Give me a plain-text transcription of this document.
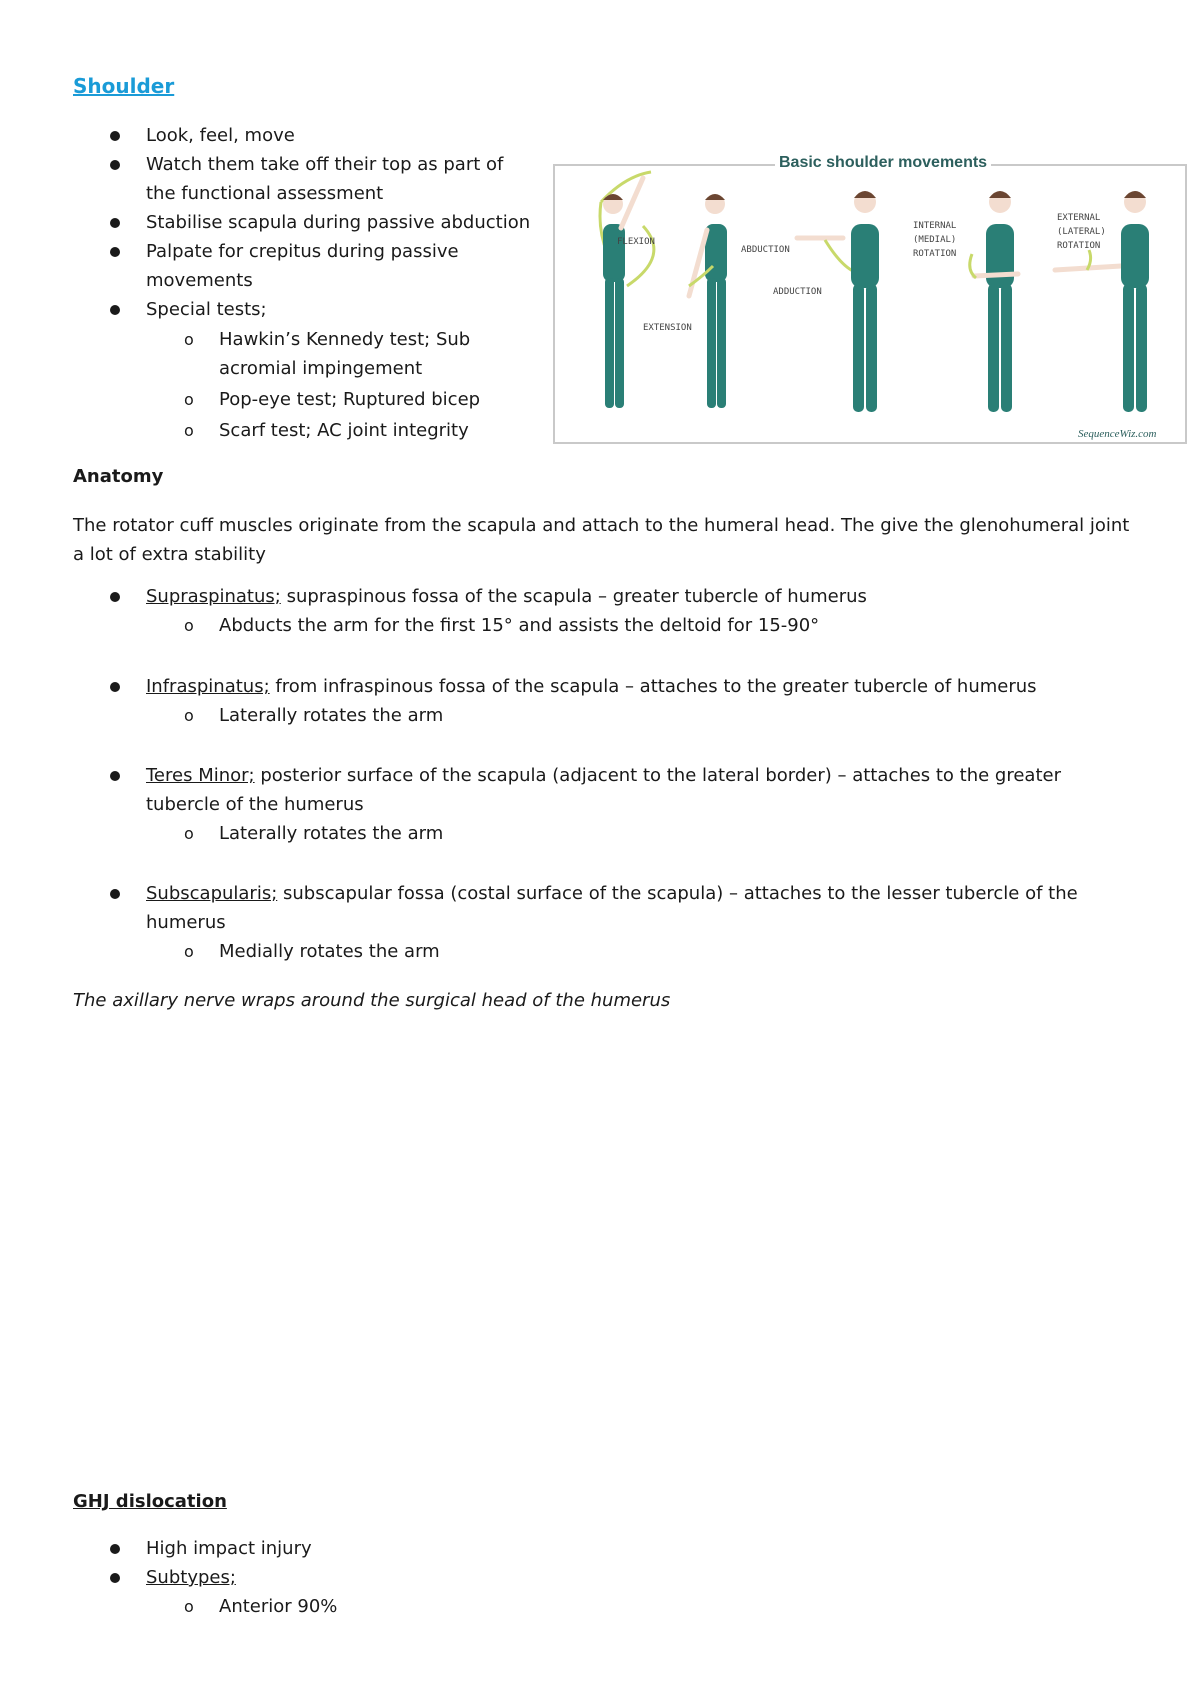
Shoulder
Look, feel, move
Watch them take off their top as part of
the functional assessment
Stabilise scapula during passive abduction
Palpate for crepitus during passive
movements
Special tests;
o Hawkin’s Kennedy test; Sub
acromial impingement
o Pop-eye test; Ruptured bicep
o Scarf test; AC joint integrity
Basic shoulder movements
FLEXION
EXTENSION
ABDUCTION
ADDUCTION
INTERNAL
(MEDIAL)
ROTATION
EXTERNAL
(LATERAL)
ROTATION
SequenceWiz.com
Anatomy
The rotator cuff muscles originate from the scapula and attach to the humeral head. The give the glenohumeral joint
a lot of extra stability
Supraspinatus; supraspinous fossa of the scapula – greater tubercle of humerus
o Abducts the arm for the first 15° and assists the deltoid for 15-90°
Infraspinatus; from infraspinous fossa of the scapula – attaches to the greater tubercle of humerus
o Laterally rotates the arm
Teres Minor; posterior surface of the scapula (adjacent to the lateral border) – attaches to the greater
tubercle of the humerus
o Laterally rotates the arm
Subscapularis; subscapular fossa (costal surface of the scapula) – attaches to the lesser tubercle of the
humerus
o Medially rotates the arm
The axillary nerve wraps around the surgical head of the humerus
GHJ dislocation
High impact injury
Subtypes;
o Anterior 90%
